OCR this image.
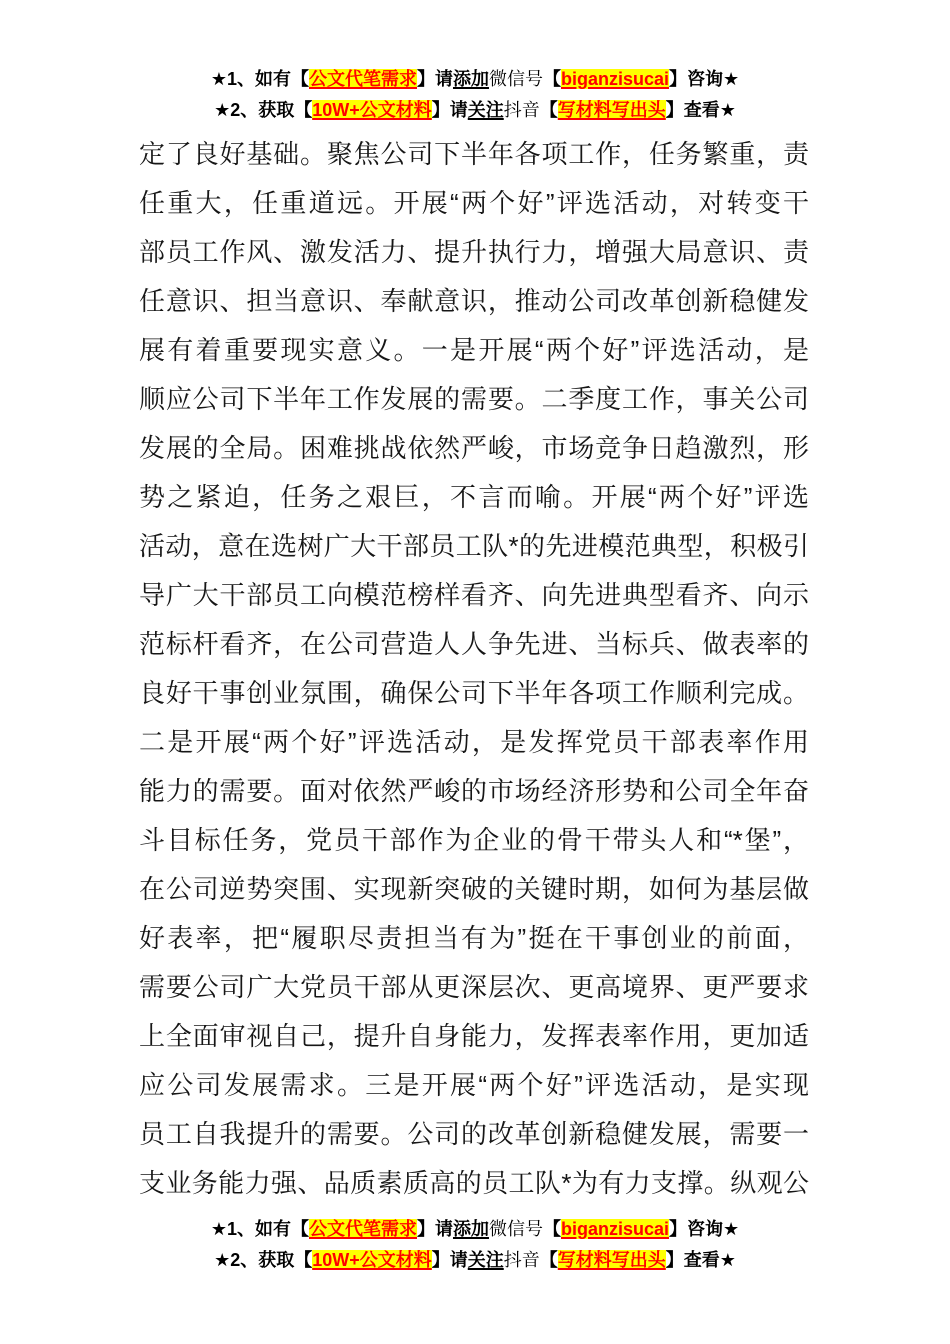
★1、如有【公文代笔需求】请添加微信号【biganzisucai】咨询★
★2、获取【10W+公文材料】请关注抖音【写材料写出头】查看★
定了良好基础。聚焦公司下半年各项工作，任务繁重，责
任重大，任重道远。开展“两个好”评选活动，对转变干
部员工作风、激发活力、提升执行力，增强大局意识、责
任意识、担当意识、奉献意识，推动公司改革创新稳健发
展有着重要现实意义。一是开展“两个好”评选活动，是
顺应公司下半年工作发展的需要。二季度工作，事关公司
发展的全局。困难挑战依然严峻，市场竞争日趋激烈，形
势之紧迫，任务之艰巨，不言而喻。开展“两个好”评选
活动，意在选树广大干部员工队*的先进模范典型，积极引
导广大干部员工向模范榜样看齐、向先进典型看齐、向示
范标杆看齐，在公司营造人人争先进、当标兵、做表率的
良好干事创业氛围，确保公司下半年各项工作顺利完成。
二是开展“两个好”评选活动，是发挥党员干部表率作用
能力的需要。面对依然严峻的市场经济形势和公司全年奋
斗目标任务，党员干部作为企业的骨干带头人和“*堡”，
在公司逆势突围、实现新突破的关键时期，如何为基层做
好表率，把“履职尽责担当有为”挺在干事创业的前面，
需要公司广大党员干部从更深层次、更高境界、更严要求
上全面审视自己，提升自身能力，发挥表率作用，更加适
应公司发展需求。三是开展“两个好”评选活动，是实现
员工自我提升的需要。公司的改革创新稳健发展，需要一
支业务能力强、品质素质高的员工队*为有力支撑。纵观公
★1、如有【公文代笔需求】请添加微信号【biganzisucai】咨询★
★2、获取【10W+公文材料】请关注抖音【写材料写出头】查看★
